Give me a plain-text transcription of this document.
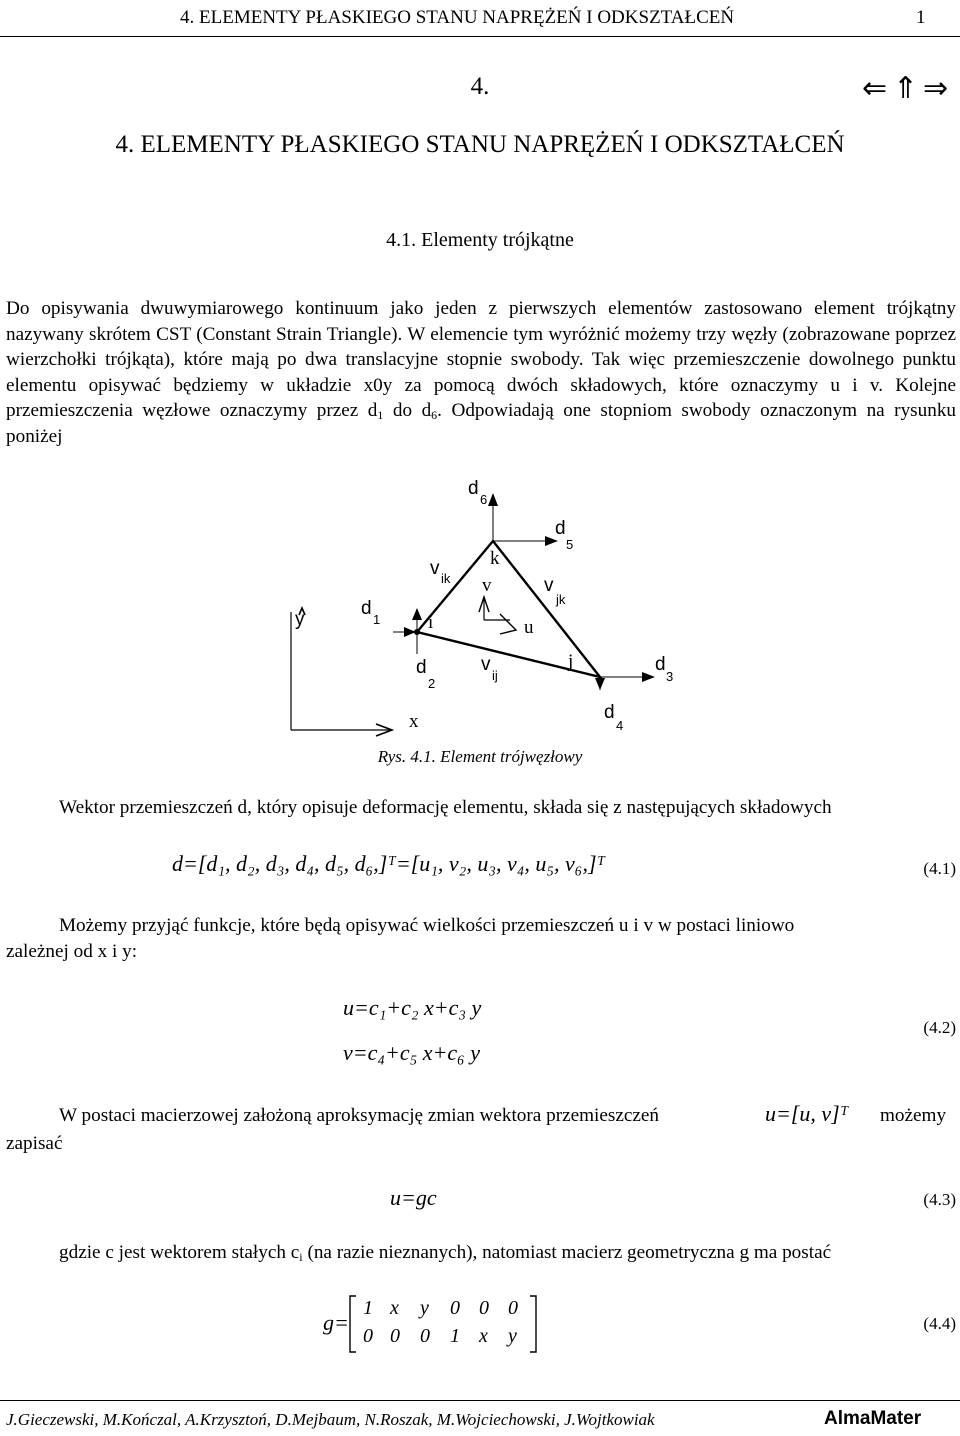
4. ELEMENTY PŁASKIEGO STANU NAPRĘŻEŃ I ODKSZTAŁCEŃ	1
⇐ ⇑ ⇒
4.
4. ELEMENTY PŁASKIEGO STANU NAPRĘŻEŃ I ODKSZTAŁCEŃ
4.1. Elementy trójkątne
Do opisywania dwuwymiarowego kontinuum jako jeden z pierwszych elementów zastosowano element trójkątny nazywany skrótem CST (Constant Strain Triangle). W elemencie tym wyróżnić możemy trzy węzły (zobrazowane poprzez wierzchołki trójkąta), które mają po dwa translacyjne stopnie swobody. Tak więc przemieszczenie dowolnego punktu elementu opisywać będziemy w układzie x0y za pomocą dwóch składowych, które oznaczymy u i v. Kolejne przemieszczenia węzłowe oznaczymy przez $d_1$ do $d_6$. Odpowiadają one stopniom swobody oznaczonym na rysunku poniżej
y
x
d
6
d
5
v ik
k
v	v
jk
d
1	i	u
d
2
v
ij
j	d
3
d
4
Rys. 4.1. Element trójwęzłowy
Wektor przemieszczeń d, który opisuje deformację elementu, składa się z następujących składowych
d=[d₁, d₂, d₃, d₄, d₅, d₆,]ᵀ=[u₁, v₂, u₃, v₄, u₅, v₆,]ᵀ	(4.1)
Możemy przyjąć funkcje, które będą opisywać wielkości przemieszczeń u i v w postaci liniowo
zależnej od x i y:
u=c₁+c₂ x+c₃ y
v=c₄+c₅ x+c₆ y
(4.2)
W postaci macierzowej założoną aproksymację zmian wektora przemieszczeń	u=[u, v]ᵀ możemy
zapisać
u=gc	(4.3)
gdzie c jest wektorem stałych $c_i$ (na razie nieznanych), natomiast macierz geometryczna g ma postać
g=
1 x y 0 0 0
0 0 0 1 x y
(4.4)
J.Gieczewski, M.Kończal, A.Krzysztoń, D.Mejbaum, N.Roszak, M.Wojciechowski, J.Wojtkowiak	AlmaMater
